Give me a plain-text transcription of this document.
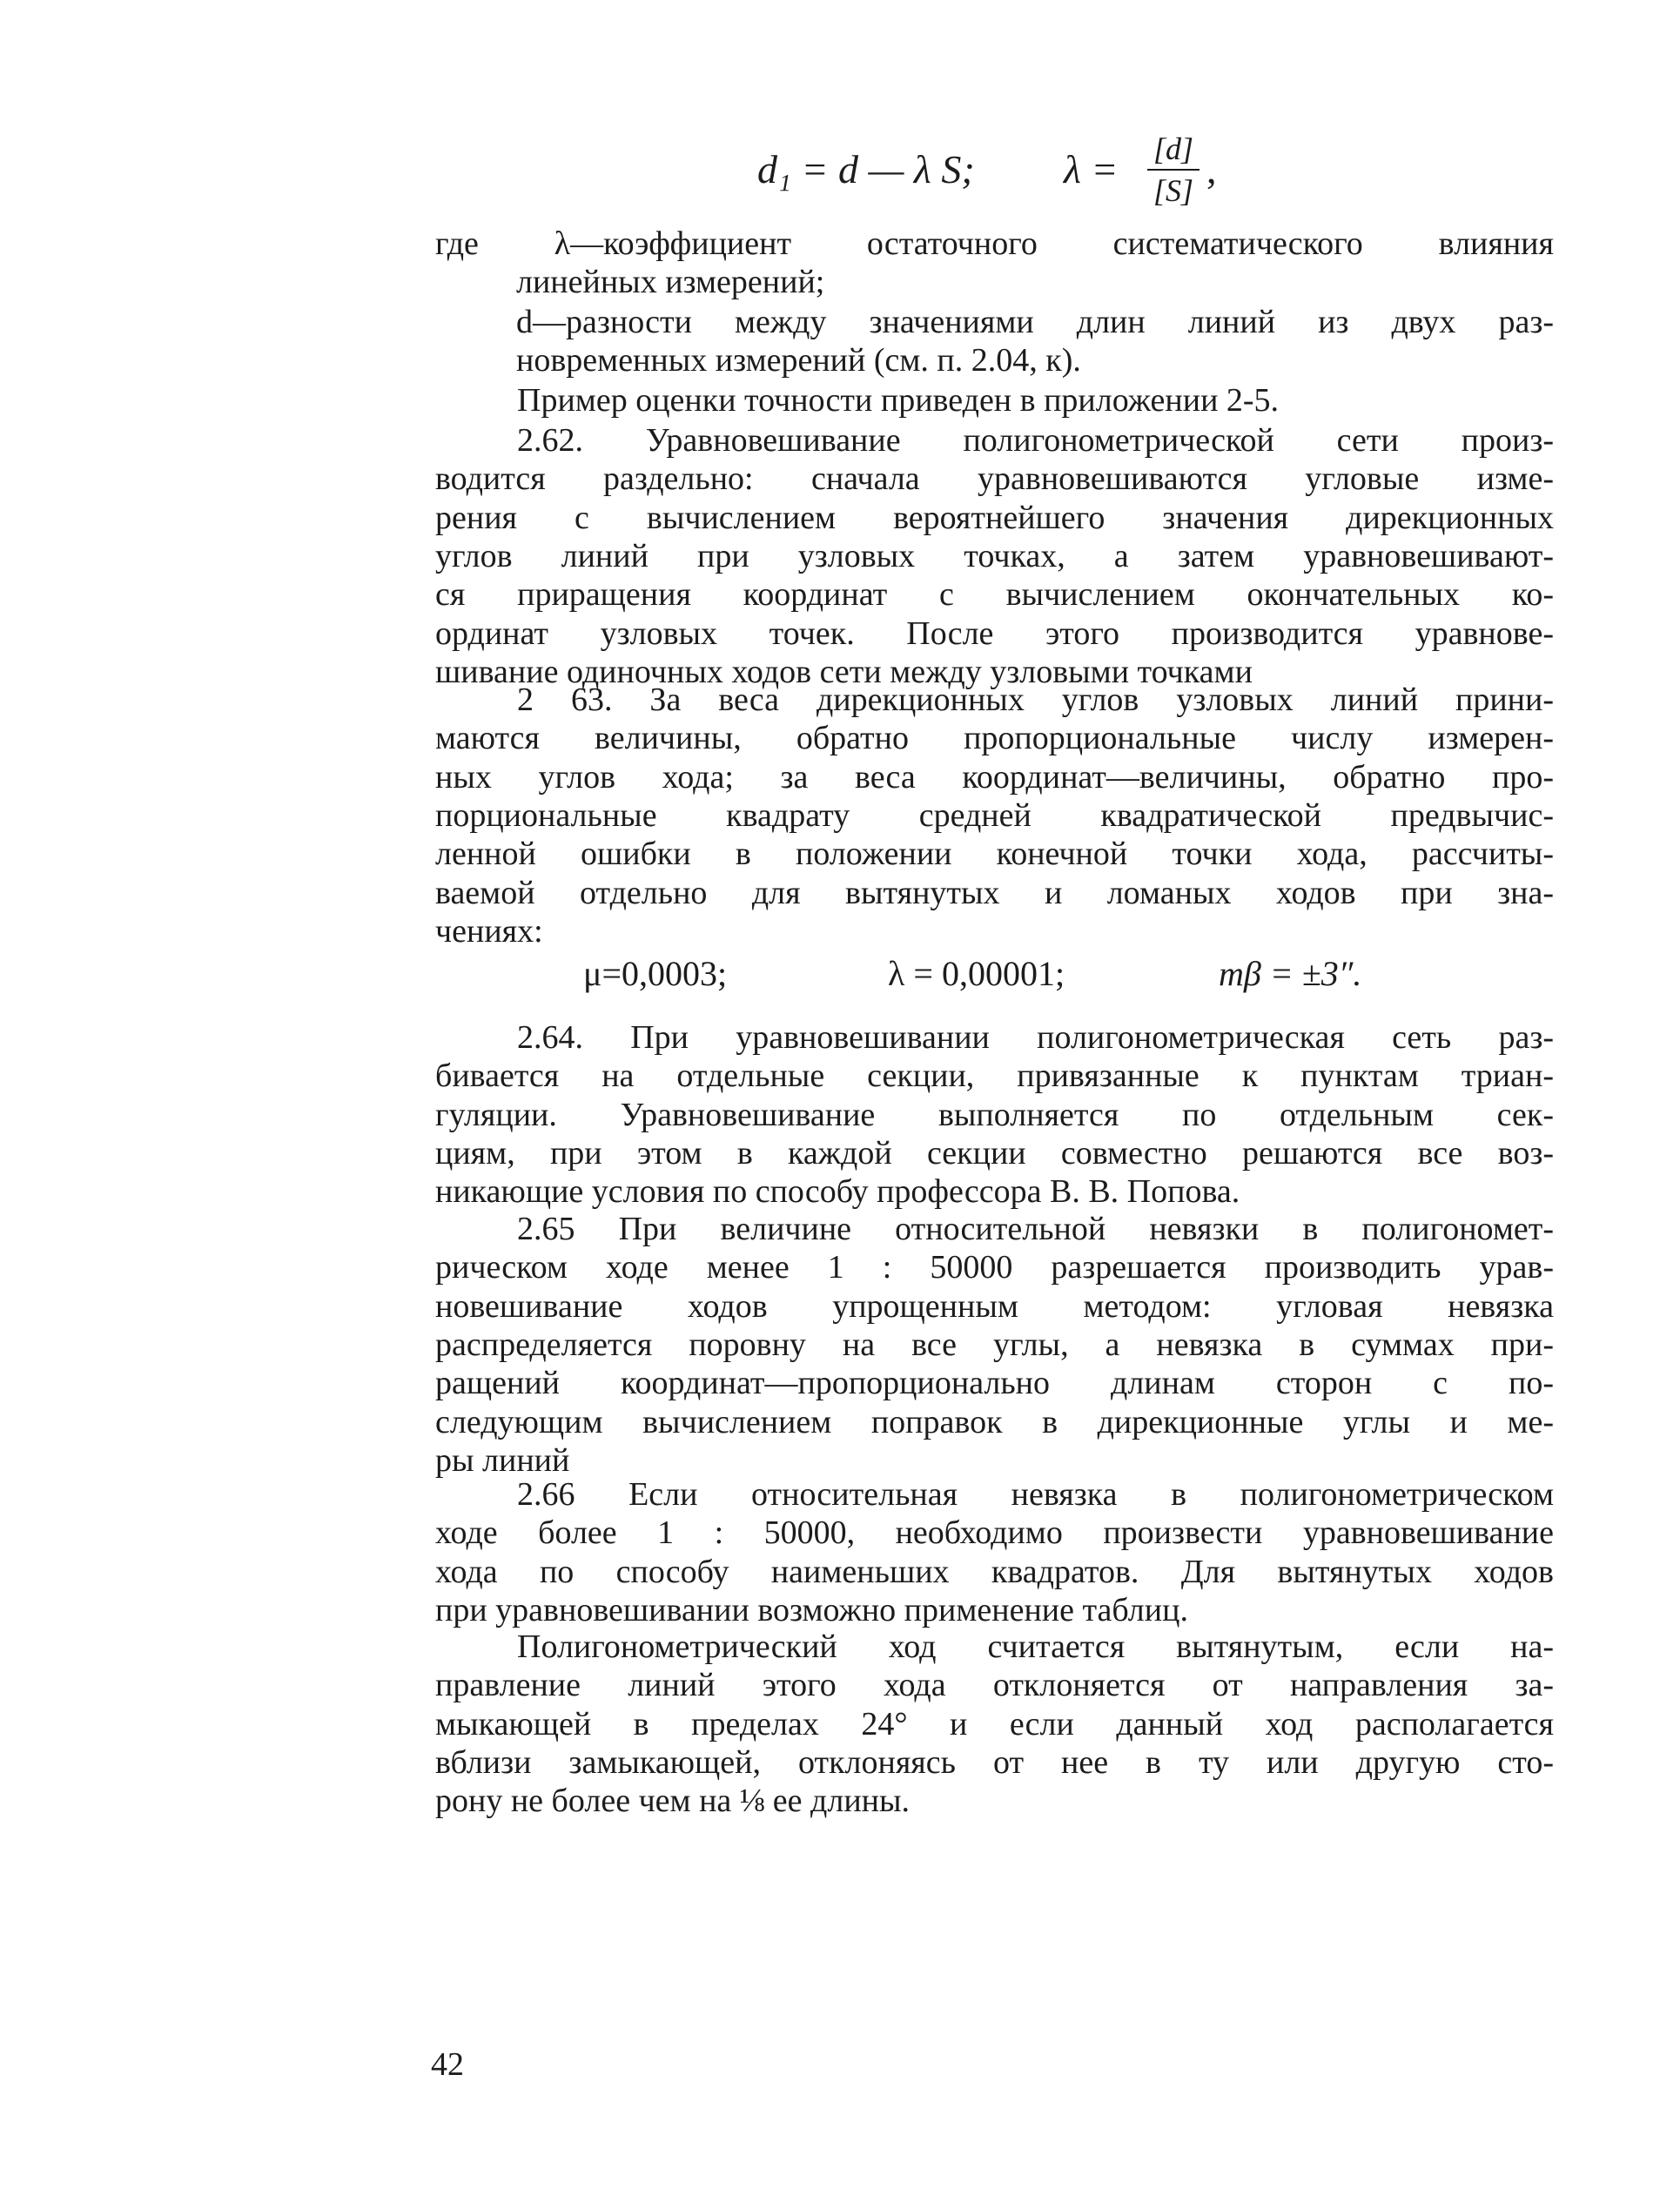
d₁ = d — λ S; λ = [d]
[S] ,
где λ—коэффициент остаточного систематического влияния
линейных измерений;
d—разности между значениями длин линий из двух раз-
новременных измерений (см. п. 2.04, к).
Пример оценки точности приведен в приложении 2-5.
2.62. Уравновешивание полигонометрической сети произ-
водится раздельно: сначала уравновешиваются угловые изме-
рения с вычислением вероятнейшего значения дирекционных
углов линий при узловых точках, а затем уравновешивают-
ся приращения координат с вычислением окончательных ко-
ординат узловых точек. После этого производится уравнове-
шивание одиночных ходов сети между узловыми точками
2 63. За веса дирекционных углов узловых линий прини-
маются величины, обратно пропорциональные числу измерен-
ных углов хода; за веса координат—величины, обратно про-
порциональные квадрату средней квадратической предвычис-
ленной ошибки в положении конечной точки хода, рассчиты-
ваемой отдельно для вытянутых и ломаных ходов при зна-
чениях:
μ=0,0003;	λ = 0,00001;	mβ = ±3″.
2.64. При уравновешивании полигонометрическая сеть раз-
бивается на отдельные секции, привязанные к пунктам триан-
гуляции. Уравновешивание выполняется по отдельным сек-
циям, при этом в каждой секции совместно решаются все воз-
никающие условия по способу профессора В. В. Попова.
2.65 При величине относительной невязки в полигономет-
рическом ходе менее 1 : 50000 разрешается производить урав-
новешивание ходов упрощенным методом: угловая невязка
распределяется поровну на все углы, а невязка в суммах при-
ращений координат—пропорционально длинам сторон с по-
следующим вычислением поправок в дирекционные углы и ме-
ры линий
2.66 Если относительная невязка в полигонометрическом
ходе более 1 : 50000, необходимо произвести уравновешивание
хода по способу наименьших квадратов. Для вытянутых ходов
при уравновешивании возможно применение таблиц.
Полигонометрический ход считается вытянутым, если на-
правление линий этого хода отклоняется от направления за-
мыкающей в пределах 24° и если данный ход располагается
вблизи замыкающей, отклоняясь от нее в ту или другую сто-
рону не более чем на ⅛ ее длины.
42
